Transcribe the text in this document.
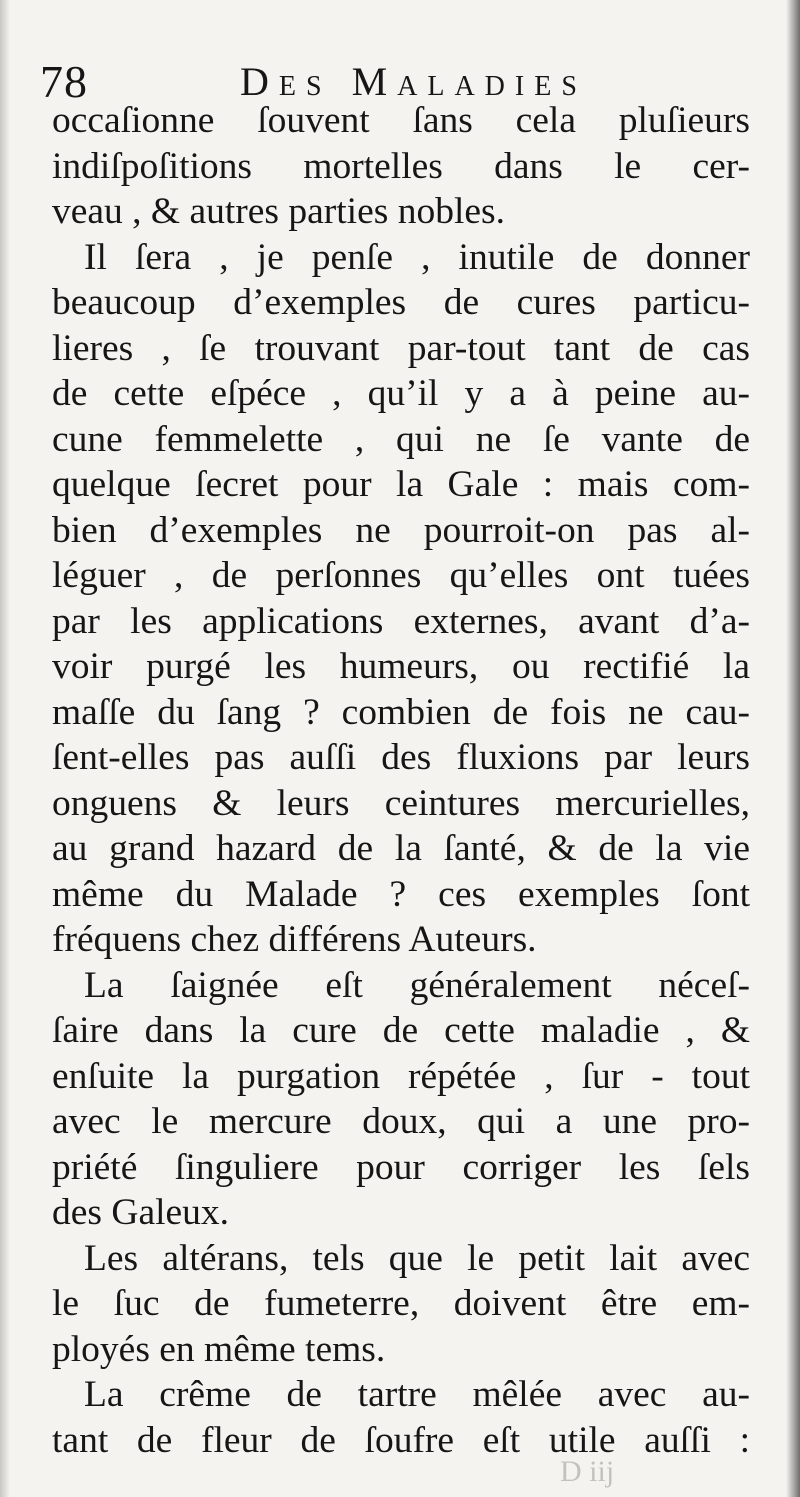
78	Des Maladies
occaſionne ſouvent ſans cela pluſieurs
indiſpoſitions mortelles dans le cer-
veau , & autres parties nobles.
Il ſera , je penſe , inutile de donner
beaucoup d’exemples de cures particu-
lieres , ſe trouvant par-tout tant de cas
de cette eſpéce , qu’il y a à peine au-
cune femmelette , qui ne ſe vante de
quelque ſecret pour la Gale : mais com-
bien d’exemples ne pourroit-on pas al-
léguer , de perſonnes qu’elles ont tuées
par les applications externes, avant d’a-
voir purgé les humeurs, ou rectifié la
maſſe du ſang ? combien de fois ne cau-
ſent-elles pas auſſi des fluxions par leurs
onguens & leurs ceintures mercurielles,
au grand hazard de la ſanté, & de la vie
même du Malade ? ces exemples ſont
fréquens chez différens Auteurs.
La ſaignée eſt généralement néceſ-
ſaire dans la cure de cette maladie , &
enſuite la purgation répétée , ſur - tout
avec le mercure doux, qui a une pro-
priété ſinguliere pour corriger les ſels
des Galeux.
Les altérans, tels que le petit lait avec
le ſuc de fumeterre, doivent être em-
ployés en même tems.
La crême de tartre mêlée avec au-
tant de fleur de ſoufre eſt utile auſſi :
D iij
